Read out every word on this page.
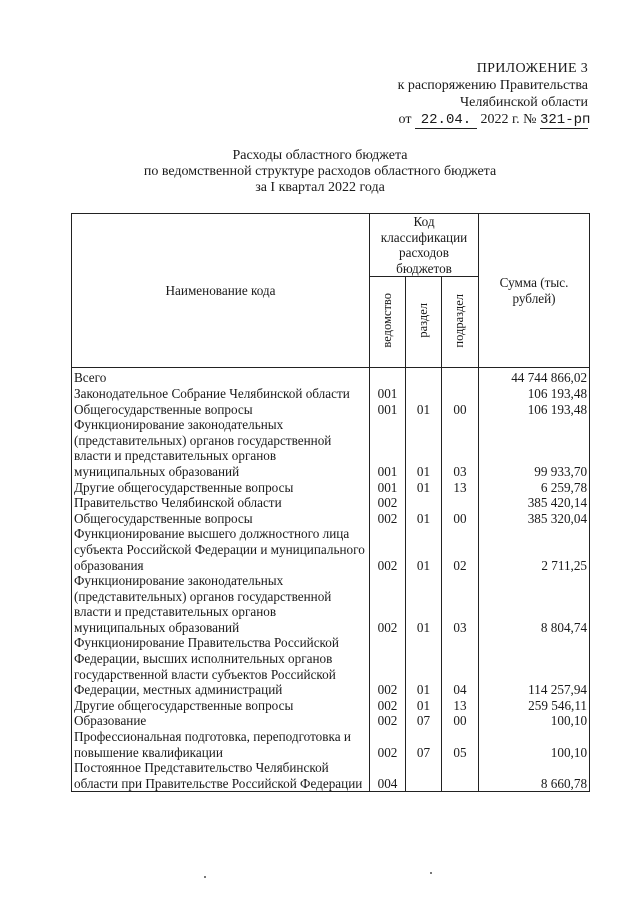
ПРИЛОЖЕНИЕ 3
к распоряжению Правительства
Челябинской области
от 22.04. 2022 г. № 321-рп
Расходы областного бюджета
по ведомственной структуре расходов областного бюджета
за I квартал 2022 года
Наименование кода	Код классификации расходов бюджетов			Сумма (тыс. рублей)
	ведомство	раздел	подраздел	
Всего				44 744 866,02
Законодательное Собрание Челябинской области	001			106 193,48
Общегосударственные вопросы	001	01	00	106 193,48
Функционирование законодательных (представительных) органов государственной власти и представительных органов муниципальных образований	001	01	03	99 933,70
Другие общегосударственные вопросы	001	01	13	6 259,78
Правительство Челябинской области	002			385 420,14
Общегосударственные вопросы	002	01	00	385 320,04
Функционирование высшего должностного лица субъекта Российской Федерации и муниципального образования	002	01	02	2 711,25
Функционирование законодательных (представительных) органов государственной власти и представительных органов муниципальных образований	002	01	03	8 804,74
Функционирование Правительства Российской Федерации, высших исполнительных органов государственной власти субъектов Российской Федерации, местных администраций	002	01	04	114 257,94
Другие общегосударственные вопросы	002	01	13	259 546,11
Образование	002	07	00	100,10
Профессиональная подготовка, переподготовка и повышение квалификации	002	07	05	100,10
Постоянное Представительство Челябинской области при Правительстве Российской Федерации	004			8 660,78
